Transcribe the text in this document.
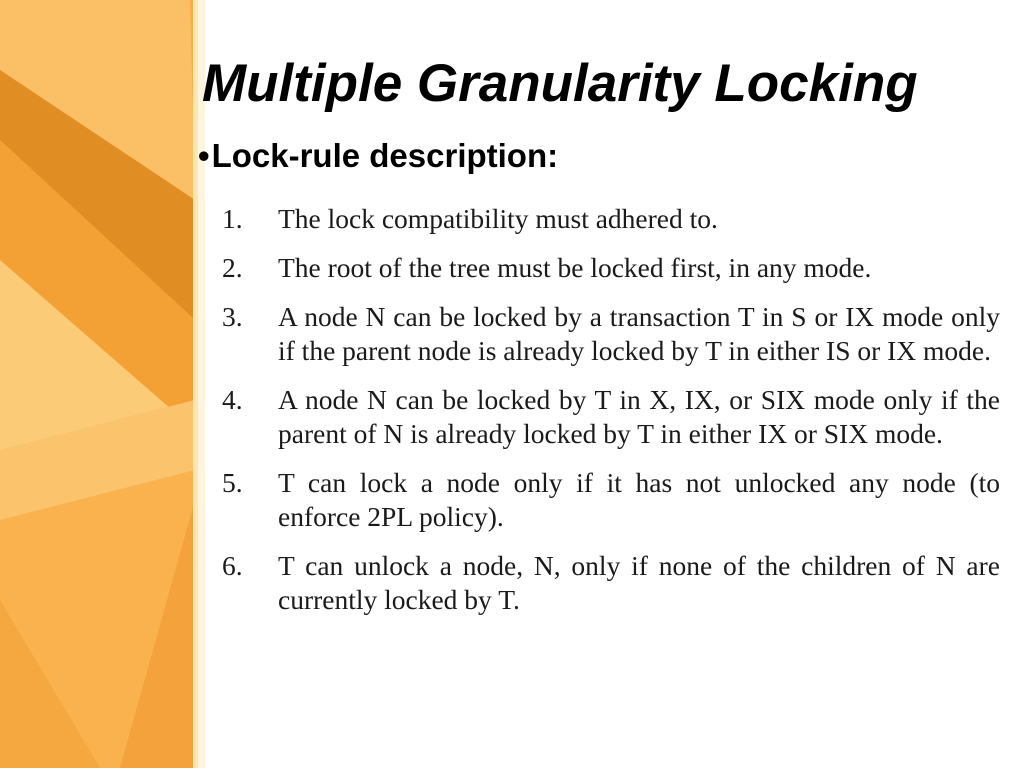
Multiple Granularity Locking

•Lock-rule description:

1.	The lock compatibility must adhered to.
2.	The root of the tree must be locked first, in any mode.
3.	A node N can be locked by a transaction T in S or IX mode only if the parent node is already locked by T in either IS or IX mode.
4.	A node N can be locked by T in X, IX, or SIX mode only if the parent of N is already locked by T in either IX or SIX mode.
5.	T can lock a node only if it has not unlocked any node (to enforce 2PL policy).
6.	T can unlock a node, N, only if none of the children of N are currently locked by T.
